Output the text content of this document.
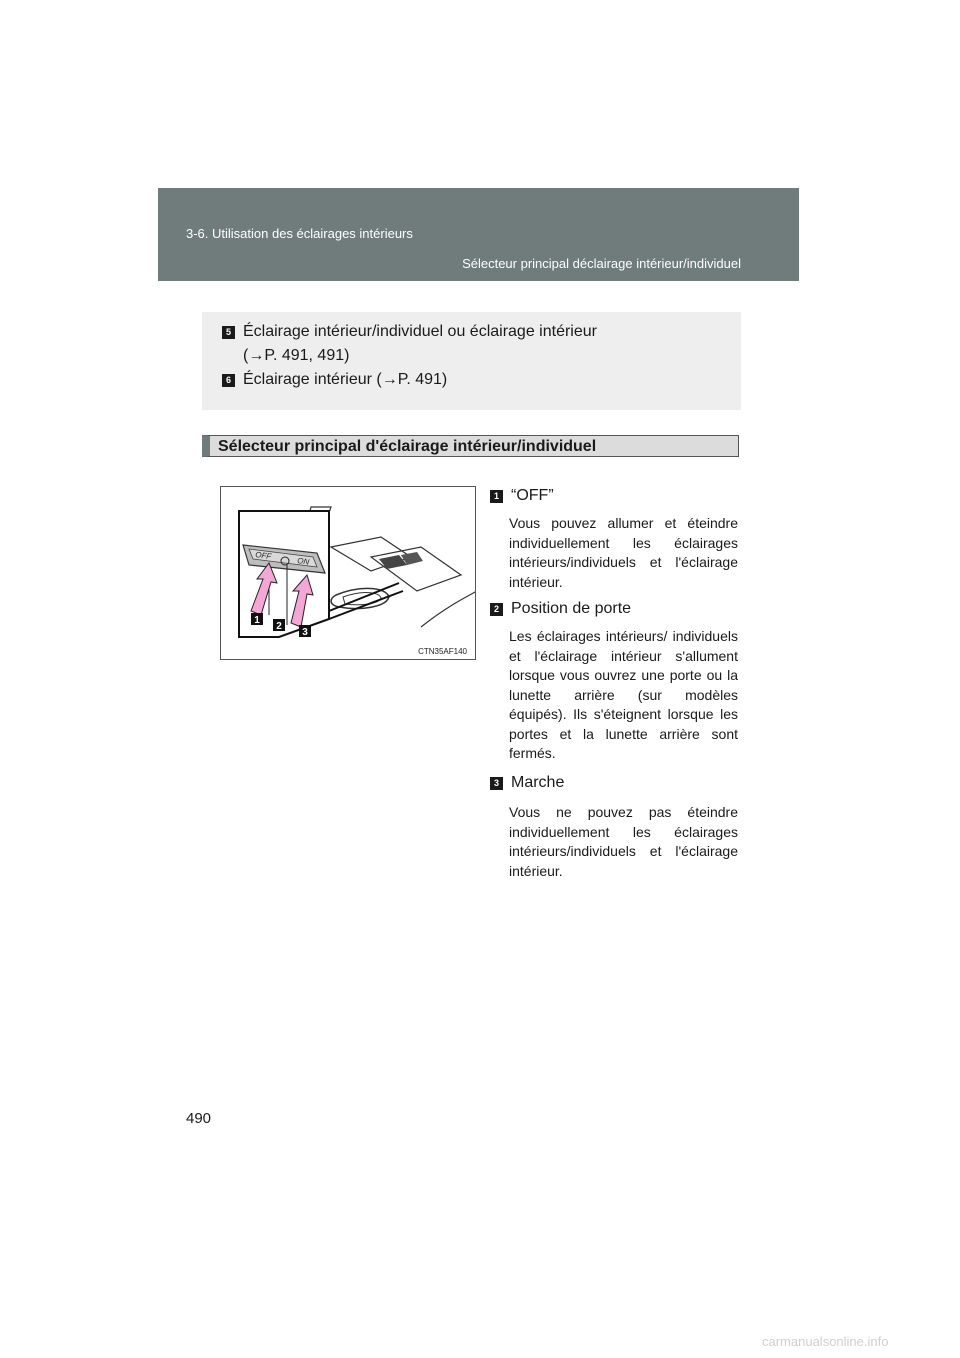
3-6. Utilisation des éclairages intérieurs
Sélecteur principal déclairage intérieur/individuel
5 Éclairage intérieur/individuel ou éclairage intérieur
(→P. 491, 491)
6 Éclairage intérieur (→P. 491)
Sélecteur principal d'éclairage intérieur/individuel
OFF
ON
1
2
3
CTN35AF140
1 “OFF”
Vous pouvez allumer et éteindre individuellement les éclairages intérieurs/individuels et l'éclairage intérieur.
2 Position de porte
Les éclairages intérieurs/ individuels et l'éclairage intérieur s'allument lorsque vous ouvrez une porte ou la lunette arrière (sur modèles équipés). Ils s'éteignent lorsque les portes et la lunette arrière sont fermés.
3 Marche
Vous ne pouvez pas éteindre individuellement les éclairages intérieurs/individuels et l'éclairage intérieur.
490
carmanualsonline.info
